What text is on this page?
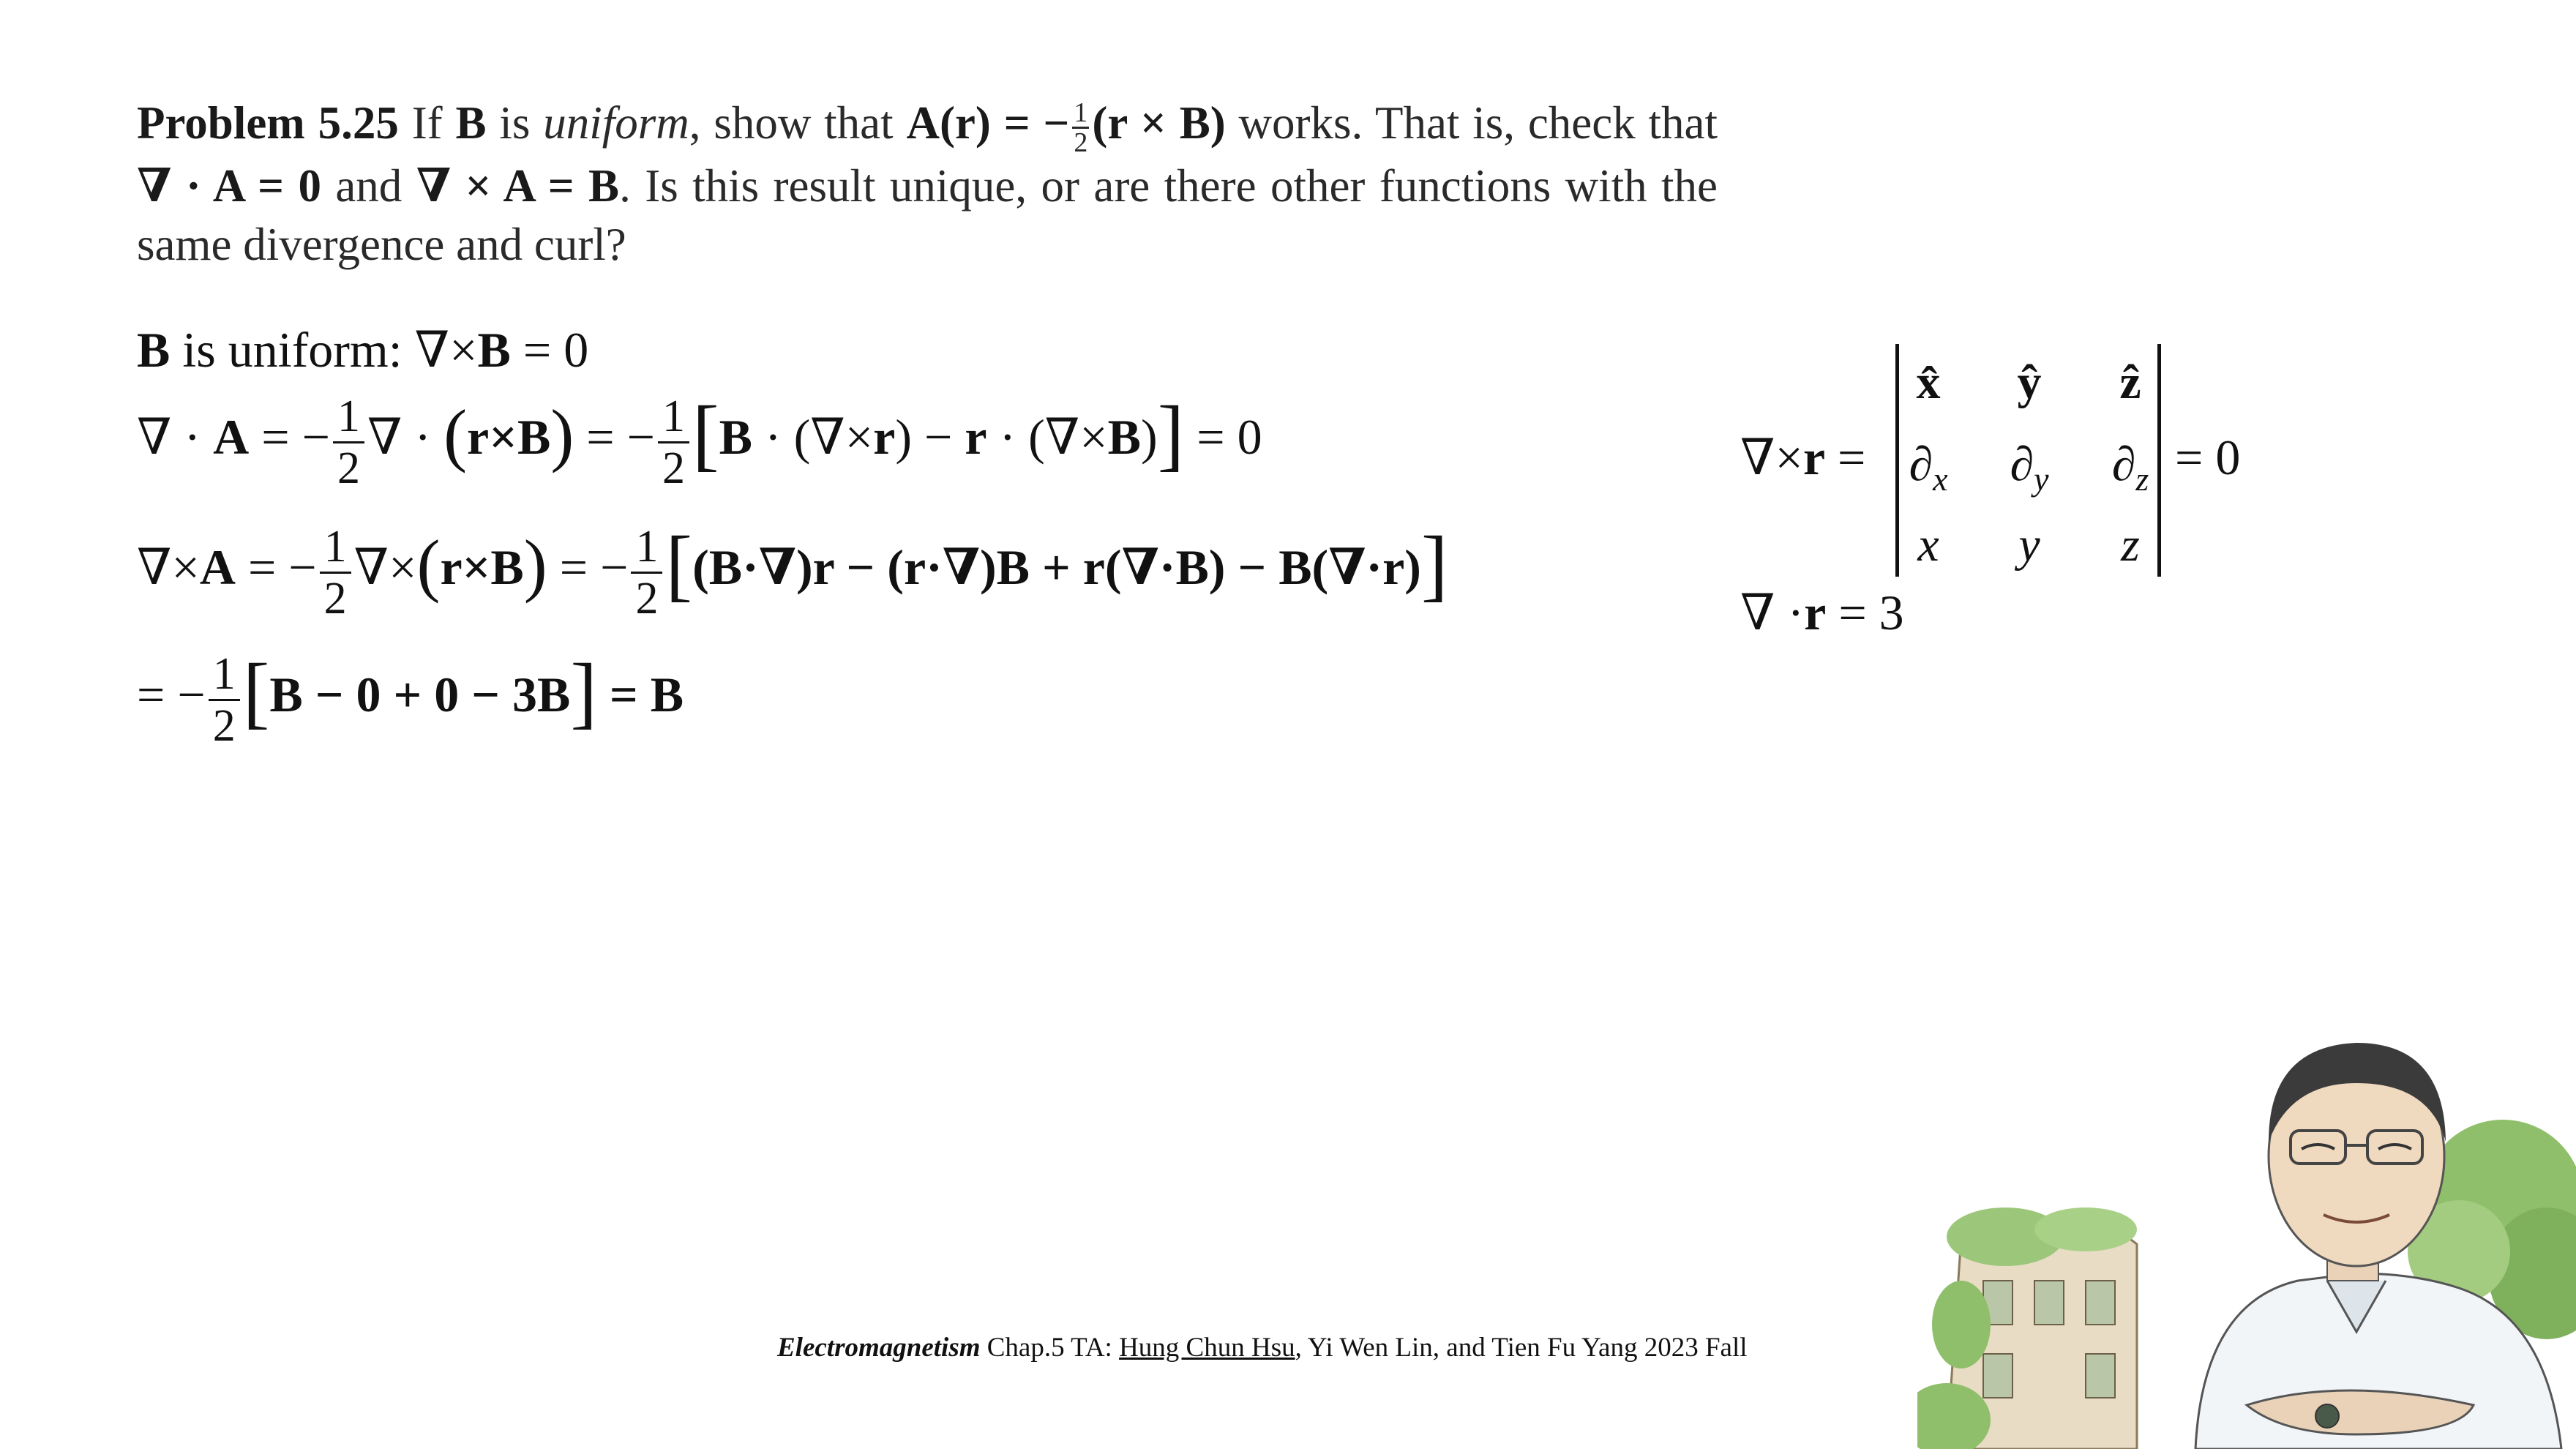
Problem 5.25 If B is uniform, show that A(r) = − $\frac{1}{2} (r \times B)$ works. That is, check that ∇ · A = 0 and ∇ × A = B. Is this result unique, or are there other functions with the same divergence and curl?
B is uniform: ∇×B = 0
∇ · A = − $\frac{1}{2}$ ∇ · (r×B) = − $\frac{1}{2} [B \cdot (\nabla\times r) - r \cdot (\nabla\times B)] = 0$
∇×A = − $\frac{1}{2} \nabla\times(r\times B)$ = − $\frac{1}{2} [(B\cdot\nabla)r - (r\cdot\nabla)B + r(\nabla\cdot B) - B(\nabla\cdot r)]$
= − $\frac{1}{2} [B - 0 + 0 - 3B] = B$
∇×r =
x̂	ŷ	ẑ
$\partial_x$	$\partial_y$	$\partial_z$
x	y	z
= 0
∇ ·r = 3
Electromagnetism Chap.5 TA: Hung Chun Hsu, Yi Wen Lin, and Tien Fu Yang 2023 Fall
